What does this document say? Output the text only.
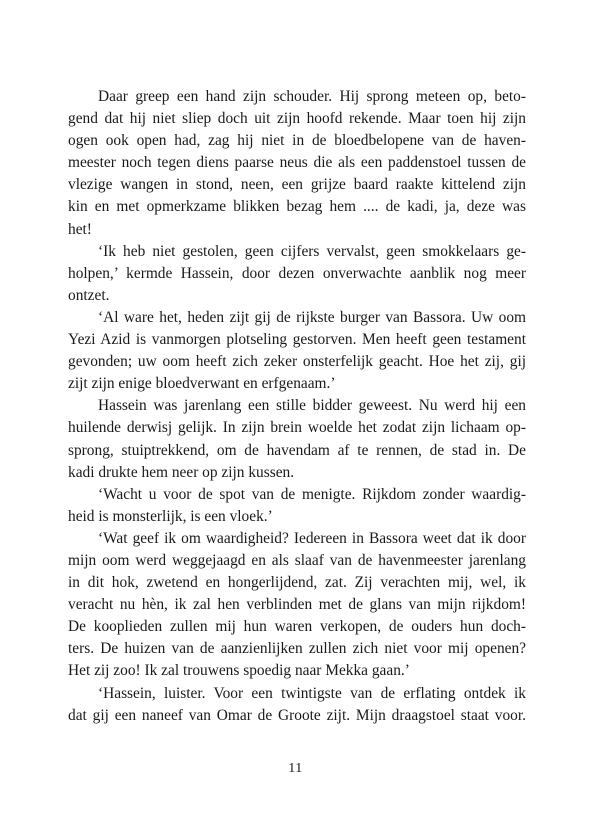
Daar greep een hand zijn schouder. Hij sprong meteen op, beto-
gend dat hij niet sliep doch uit zijn hoofd rekende. Maar toen hij zijn
ogen ook open had, zag hij niet in de bloedbelopene van de haven-
meester noch tegen diens paarse neus die als een paddenstoel tussen de
vlezige wangen in stond, neen, een grijze baard raakte kittelend zijn
kin en met opmerkzame blikken bezag hem .... de kadi, ja, deze was
het!
‘Ik heb niet gestolen, geen cijfers vervalst, geen smokkelaars ge-
holpen,’ kermde Hassein, door dezen onverwachte aanblik nog meer
ontzet.
‘Al ware het, heden zijt gij de rijkste burger van Bassora. Uw oom
Yezi Azid is vanmorgen plotseling gestorven. Men heeft geen testament
gevonden; uw oom heeft zich zeker onsterfelijk geacht. Hoe het zij, gij
zijt zijn enige bloedverwant en erfgenaam.’
Hassein was jarenlang een stille bidder geweest. Nu werd hij een
huilende derwisj gelijk. In zijn brein woelde het zodat zijn lichaam op-
sprong, stuiptrekkend, om de havendam af te rennen, de stad in. De
kadi drukte hem neer op zijn kussen.
‘Wacht u voor de spot van de menigte. Rijkdom zonder waardig-
heid is monsterlijk, is een vloek.’
‘Wat geef ik om waardigheid? Iedereen in Bassora weet dat ik door
mijn oom werd weggejaagd en als slaaf van de havenmeester jarenlang
in dit hok, zwetend en hongerlijdend, zat. Zij verachten mij, wel, ik
veracht nu hèn, ik zal hen verblinden met de glans van mijn rijkdom!
De kooplieden zullen mij hun waren verkopen, de ouders hun doch-
ters. De huizen van de aanzienlijken zullen zich niet voor mij openen?
Het zij zoo! Ik zal trouwens spoedig naar Mekka gaan.’
‘Hassein, luister. Voor een twintigste van de erflating ontdek ik
dat gij een naneef van Omar de Groote zijt. Mijn draagstoel staat voor.
11
